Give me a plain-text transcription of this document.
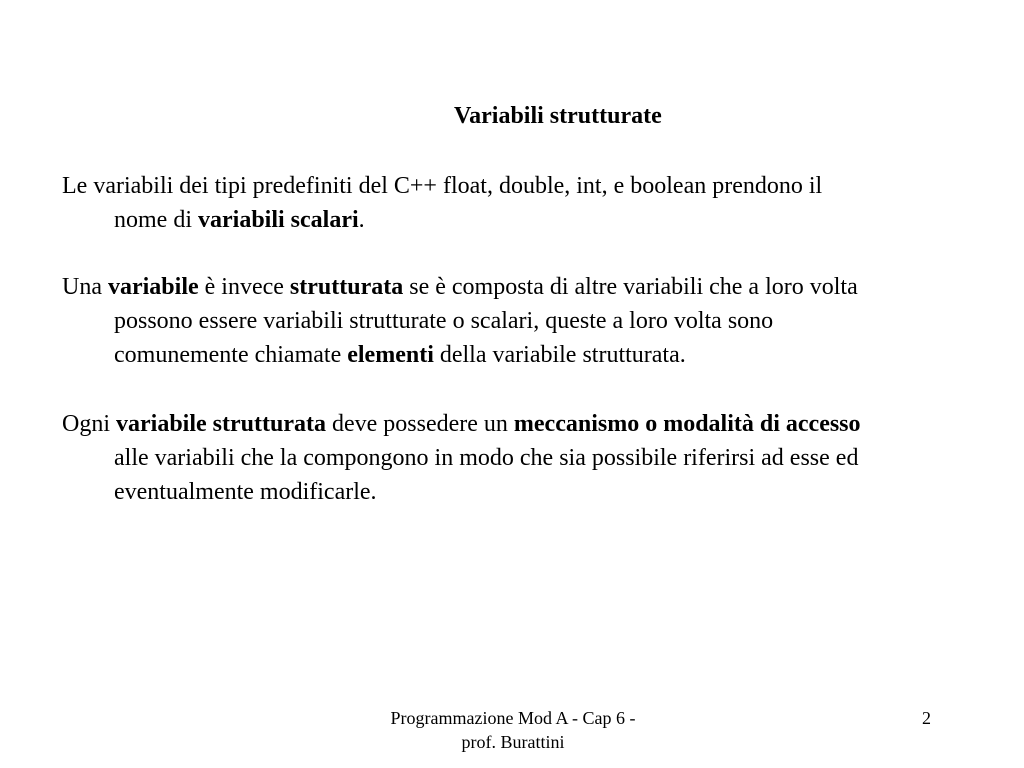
Variabili strutturate
Le variabili dei tipi predefiniti del C++ float, double, int, e boolean prendono il
nome di variabili scalari.
Una variabile è invece strutturata se è composta di altre variabili che a loro volta
possono essere variabili strutturate o scalari, queste a loro volta sono
comunemente chiamate elementi della variabile strutturata.
Ogni variabile strutturata deve possedere un meccanismo o modalità di accesso
alle variabili che la compongono in modo che sia possibile riferirsi ad esse ed
eventualmente modificarle.
Programmazione Mod A - Cap 6 -
prof. Burattini
2
